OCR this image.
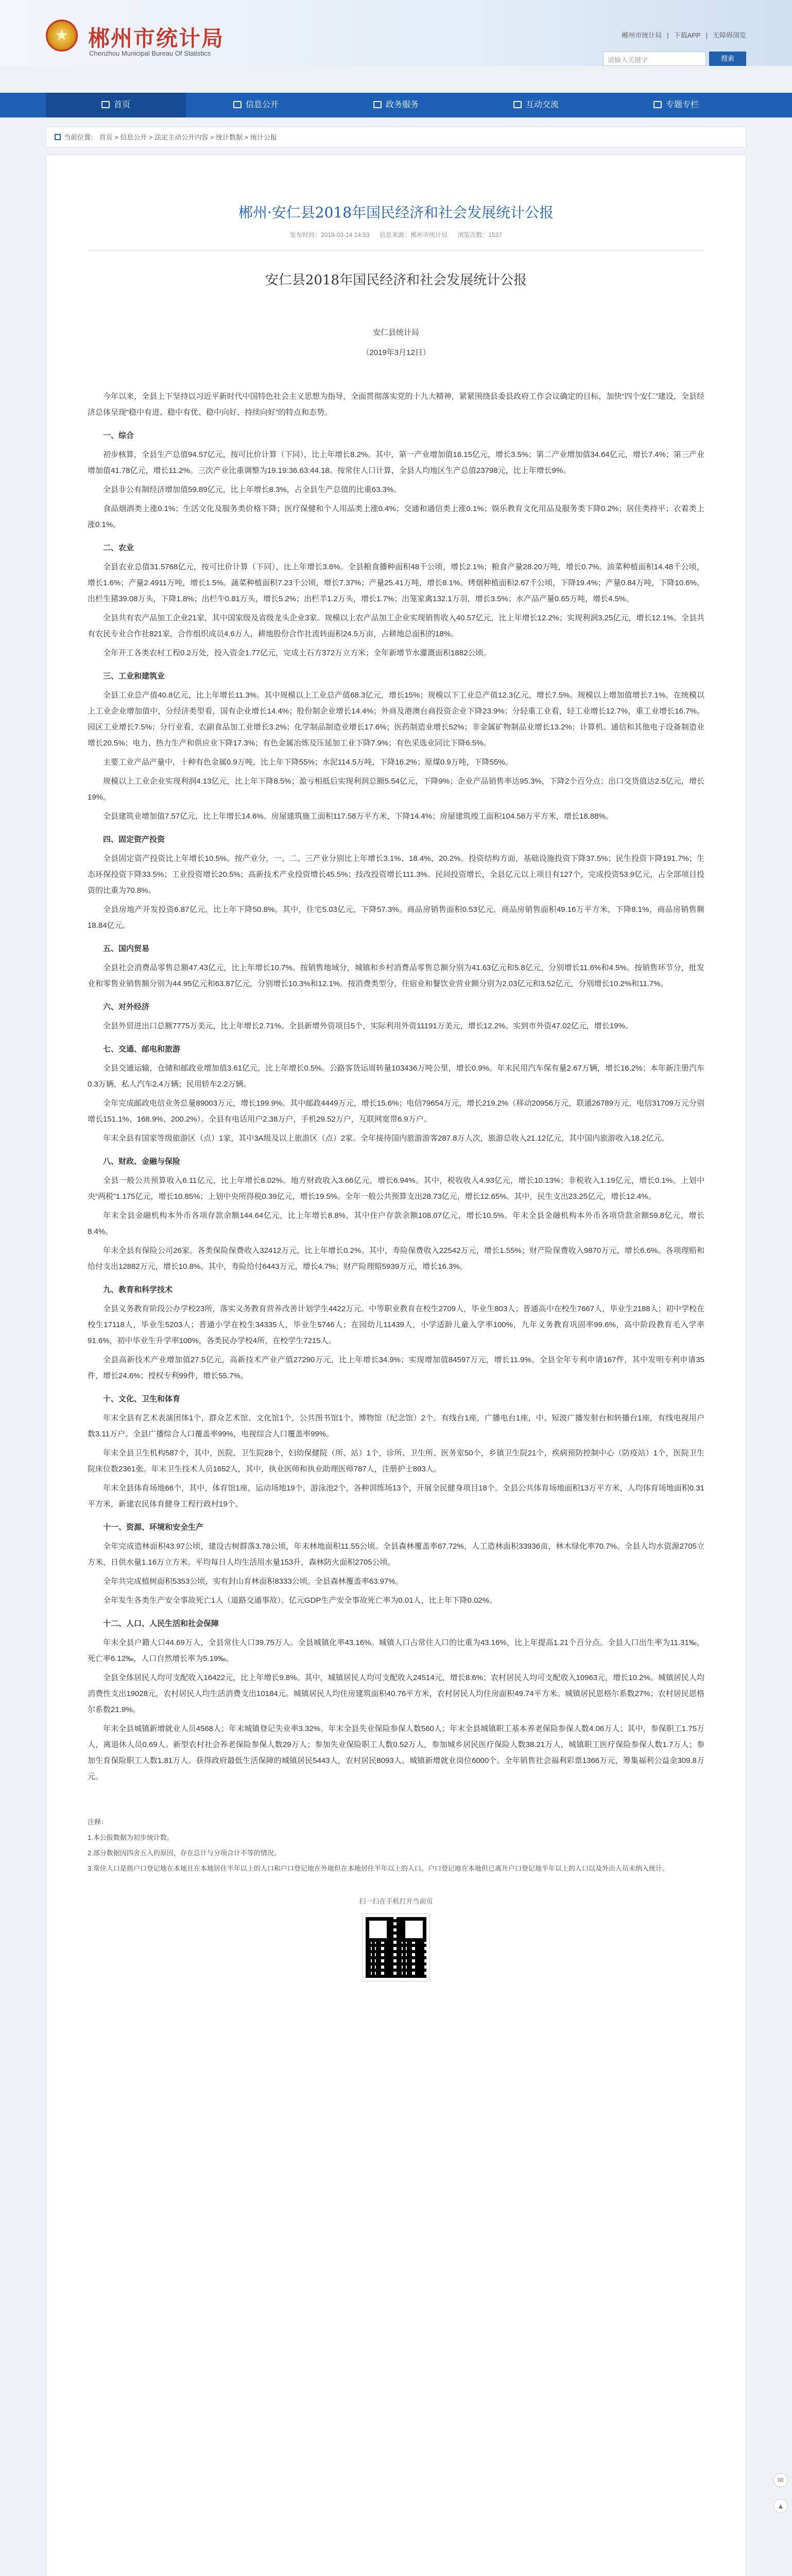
★
郴州市统计局
Chenzhou Municipal Bureau Of Statistics
郴州市统计局 | 下载APP | 无障碍浏览
请输入关键字	搜索
首页	信息公开	政务服务	互动交流	专题专栏
当前位置： 首页 > 信息公开 > 法定主动公开内容 > 统计数据 > 统计公报
郴州·安仁县2018年国民经济和社会发展统计公报
发布时间：2019-03-14 14:53 信息来源：郴州市统计局 浏览次数：1537
安仁县2018年国民经济和社会发展统计公报
安仁县统计局
（2019年3月12日）

今年以来，全县上下坚持以习近平新时代中国特色社会主义思想为指导，全面贯彻落实党的十九大精神，紧紧围绕县委县政府工作会议确定的目标，加快“四个安仁”建设，全县经济总体呈现“稳中有进、稳中有优、稳中向好、持续向好”的特点和态势。

一、综合

初步核算，全县生产总值94.57亿元，按可比价计算（下同），比上年增长8.2%。其中，第一产业增加值18.15亿元，增长3.5%；第二产业增加值34.64亿元，增长7.4%；第三产业增加值41.78亿元，增长11.2%。三次产业比重调整为19.19:36.63:44.18。按常住人口计算，全县人均地区生产总值23798元，比上年增长9%。

全县非公有制经济增加值59.89亿元，比上年增长8.3%，占全县生产总值的比重63.3%。

食品烟酒类上涨0.1%；生活文化及服务类价格下降；医疗保健和个人用品类上涨0.4%；交通和通信类上涨0.1%；娱乐教育文化用品及服务类下降0.2%；居住类持平；衣着类上涨0.1%。

二、农业

全县农业总值31.5768亿元，按可比价计算（下同），比上年增长3.6%。全县粮食播种面积48千公顷，增长2.1%；粮食产量28.20万吨，增长0.7%。油菜种植面积14.48千公顷，增长1.6%；产量2.4911万吨，增长1.5%。蔬菜种植面积7.23千公顷，增长7.37%；产量25.41万吨，增长8.1%。烤烟种植面积2.67千公顷，下降19.4%；产量0.84万吨，下降10.6%。出栏生猪39.08万头，下降1.8%；出栏牛0.81万头，增长5.2%；出栏羊1.2万头，增长1.7%；出笼家禽132.1万羽，增长3.5%；水产品产量0.65万吨，增长4.5%。

全县共有农产品加工企业21家，其中国家级及省级龙头企业3家。规模以上农产品加工企业实现销售收入40.57亿元，比上年增长12.2%；实现利润3.25亿元，增长12.1%。全县共有农民专业合作社821家，合作组织成员4.6万人，耕地股份合作社流转面积24.5万亩，占耕地总面积的18%。

全年开工各类农村工程0.2万处，投入资金1.77亿元，完成土石方372万立方米；全年新增节水灌溉面积1882公顷。

三、工业和建筑业

全县工业总产值40.8亿元，比上年增长11.3%。其中规模以上工业总产值68.3亿元，增长15%；规模以下工业总产值12.3亿元，增长7.5%。规模以上增加值增长7.1%。在统模以上工业企业增加值中，分经济类型看，国有企业增长14.4%；股份制企业增长14.4%；外商及港澳台商投资企业下降23.9%；分轻重工业看，轻工业增长12.7%，重工业增长16.7%。园区工业增长7.5%；分行业看，农副食品加工业增长3.2%；化学制品制造业增长17.6%；医药制造业增长52%；非金属矿物制品业增长13.2%；计算机、通信和其他电子设备制造业增长20.5%；电力、热力生产和供应业下降17.3%；有色金属冶炼及压延加工业下降7.9%；有色采选业同比下降6.5%。

主要工业产品产量中，十种有色金属0.9万吨，比上年下降55%；水泥114.5万吨，下降16.2%；原煤0.9万吨，下降55%。

规模以上工业企业实现利润4.13亿元，比上年下降8.5%；盈亏相抵后实现利润总额5.54亿元，下降9%；企业产品销售率达95.3%，下降2个百分点；出口交货值达2.5亿元，增长19%。

全县建筑业增加值7.57亿元，比上年增长14.6%。房屋建筑施工面积117.58万平方米，下降14.4%；房屋建筑竣工面积104.58万平方米，增长18.88%。

四、固定资产投资

全县固定资产投资比上年增长10.5%。按产业分，一、二、三产业分别比上年增长3.1%、18.4%、20.2%。投资结构方面，基础设施投资下降37.5%；民生投资下降191.7%；生态环保投资下降33.5%；工业投资增长20.5%；高新技术产业投资增长45.5%；技改投资增长111.3%。民间投资增长，全县亿元以上项目有127个，完成投资53.9亿元，占全部项目投资的比重为70.8%。

全县房地产开发投资6.87亿元，比上年下降50.8%。其中，住宅5.03亿元，下降57.3%。商品房销售面积0.53亿元，商品房销售面积49.16万平方米，下降8.1%，商品房销售额18.84亿元。

五、国内贸易

全县社会消费品零售总额47.43亿元，比上年增长10.7%。按销售地域分，城镇和乡村消费品零售总额分别为41.63亿元和5.8亿元，分别增长11.6%和4.5%。按销售环节分，批发业和零售业销售额分别为44.95亿元和63.87亿元，分别增长10.3%和12.1%。按消费类型分，住宿业和餐饮业营业额分别为2.03亿元和3.52亿元，分别增长10.2%和11.7%。

六、对外经济

全县外贸进出口总额7775万美元，比上年增长2.71%。全县新增外资项目5个，实际利用外资11191万美元，增长12.2%。实到市外资47.02亿元，增长19%。

七、交通、邮电和旅游

全县交通运输，仓储和邮政业增加值3.61亿元，比上年增长0.5%。公路客货运周转量103436万吨公里，增长0.9%。年末民用汽车保有量2.67万辆，增长16.2%；本年新注册汽车0.3万辆，私人汽车2.4万辆；民用轿车2.2万辆。

全年完成邮政电信业务总量89003万元，增长199.9%。其中邮政4449万元，增长15.6%；电信79654万元，增长219.2%（移动20956万元，联通26789万元，电信31709万元分别增长151.1%、168.9%、200.2%）。全县有电话用户2.38万户，手机29.52万户，互联网宽带6.9万户。

年末全县有国家等级旅游区（点）1家，其中3A级及以上旅游区（点）2家。全年接待国内旅游游客287.8万人次，旅游总收入21.12亿元，其中国内旅游收入18.2亿元。

八、财政、金融与保险

全县一般公共预算收入6.11亿元，比上年增长8.02%。地方财政收入3.66亿元，增长6.94%。其中，税收收入4.93亿元，增长10.13%；非税收入1.19亿元，增长0.1%。上划中央“两税”1.175亿元，增长10.85%；上划中央所得税0.39亿元，增长19.5%。全年一般公共预算支出28.73亿元，增长12.65%。其中，民生支出23.25亿元，增长12.4%。

年末全县金融机构本外币各项存款余额144.64亿元，比上年增长8.8%，其中住户存款余额108.07亿元，增长10.5%。年末全县金融机构本外币各项贷款余额59.8亿元，增长8.4%。

年末全县有保险公司26家。各类保险保费收入32412万元，比上年增长0.2%。其中，寿险保费收入22542万元，增长1.55%；财产险保费收入9870万元，增长6.6%。各项理赔和给付支出12882万元，增长10.8%。其中，寿险给付6443万元，增长4.7%；财产险理赔5939万元，增长16.3%。

九、教育和科学技术

全县义务教育阶段公办学校23所，落实义务教育营养改善计划学生4422万元。中等职业教育在校生2709人，毕业生803人；普通高中在校生7667人，毕业生2188人；初中学校在校生17118人，毕业生5203人；普通小学在校生34335人，毕业生5746人；在园幼儿11439人，小学适龄儿童入学率100%，九年义务教育巩固率99.6%，高中阶段教育毛入学率91.6%，初中毕业生升学率100%，各类民办学校4所，在校学生7215人。

全县高新技术产业增加值27.5亿元，高新技术产业产值27290万元，比上年增长34.9%；实现增加值84597万元，增长11.9%。全县全年专利申请167件，其中发明专利申请35件，增长24.6%；授权专利99件，增长55.7%。

十、文化、卫生和体育

年末全县有艺术表演团体1个，群众艺术馆、文化馆1个，公共图书馆1个，博物馆（纪念馆）2个。有线台1座，广播电台1座，中、短波广播发射台和转播台1座，有线电视用户数3.11万户。全县广播综合人口覆盖率99%，电视综合人口覆盖率99%。

年末全县卫生机构587个，其中，医院、卫生院28个，妇幼保健院（所、站）1个，诊所、卫生所、医务室50个，乡镇卫生院21个，疾病预防控制中心（防疫站）1个，医院卫生院床位数2361张。年末卫生技术人员1652人，其中，执业医师和执业助理医师787人，注册护士893人。

年末全县体育场地66个，其中，体育馆1座，运动场地19个，游泳池2个，各种训练场13个，开展全民健身项目18个。全县公共体育场地面积13万平方米，人均体育场地面积0.31平方米，新建农民体育健身工程行政村19个。

十一、资源、环境和安全生产

全年完成造林面积43.97公顷，建设古树群落3.78公顷，年末林地面积11.55公顷。全县森林覆盖率67.72%，人工造林面积33936亩，林木绿化率70.7%。全县人均水资源2705立方米，日供水量1.16万立方米。平均每日人均生活用水量153升，森林防火面积2705公顷。

全年共完成植树面积5353公顷，实有封山育林面积8333公顷。全县森林覆盖率63.97%。

全年发生各类生产安全事故死亡1人（道路交通事故）。亿元GDP生产安全事故死亡率为0.01人，比上年下降0.02%。

十二、人口、人民生活和社会保障

年末全县户籍人口44.69万人，全县常住人口39.75万人。全县城镇化率43.16%。城镇人口占常住人口的比重为43.16%，比上年提高1.21个百分点。全县人口出生率为11.31‰，死亡率6.12‰，人口自然增长率为5.19‰。

全县全体居民人均可支配收入16422元，比上年增长9.8%。其中，城镇居民人均可支配收入24514元，增长8.6%；农村居民人均可支配收入10963元，增长10.2%。城镇居民人均消费性支出19028元，农村居民人均生活消费支出10184元。城镇居民人均住房建筑面积40.76平方米，农村居民人均住房面积49.74平方米。城镇居民恩格尔系数27%；农村居民恩格尔系数21.9%。

年末全县城镇新增就业人员4568人；年末城镇登记失业率3.32%。年末全县失业保险参保人数560人；年末全县城镇职工基本养老保险参保人数4.06万人；其中，参保职工1.75万人，离退休人员0.69人。新型农村社会养老保险参保人数29万人；参加失业保险职工人数0.52万人，参加城乡居民医疗保险人数38.21万人，城镇职工医疗保险参保人数1.7万人；参加生育保险职工人数1.81万人。获得政府最低生活保障的城镇居民5443人，农村居民8093人。城镇新增就业岗位6000个。全年销售社会福利彩票1366万元，筹集福利公益金309.8万元。

注释：

1.本公报数据为初步统计数。

2.部分数据因四舍五入的原因，存在总计与分项合计不等的情况。

3.常住人口是指户口登记地在本地且在本地居住半年以上的人口和户口登记地在外地但在本地居住半年以上的人口。户口登记地在本地但已离开户口登记地半年以上的人口以及外出人员未纳入统计。

扫一扫在手机打开当前页

✉
▲
